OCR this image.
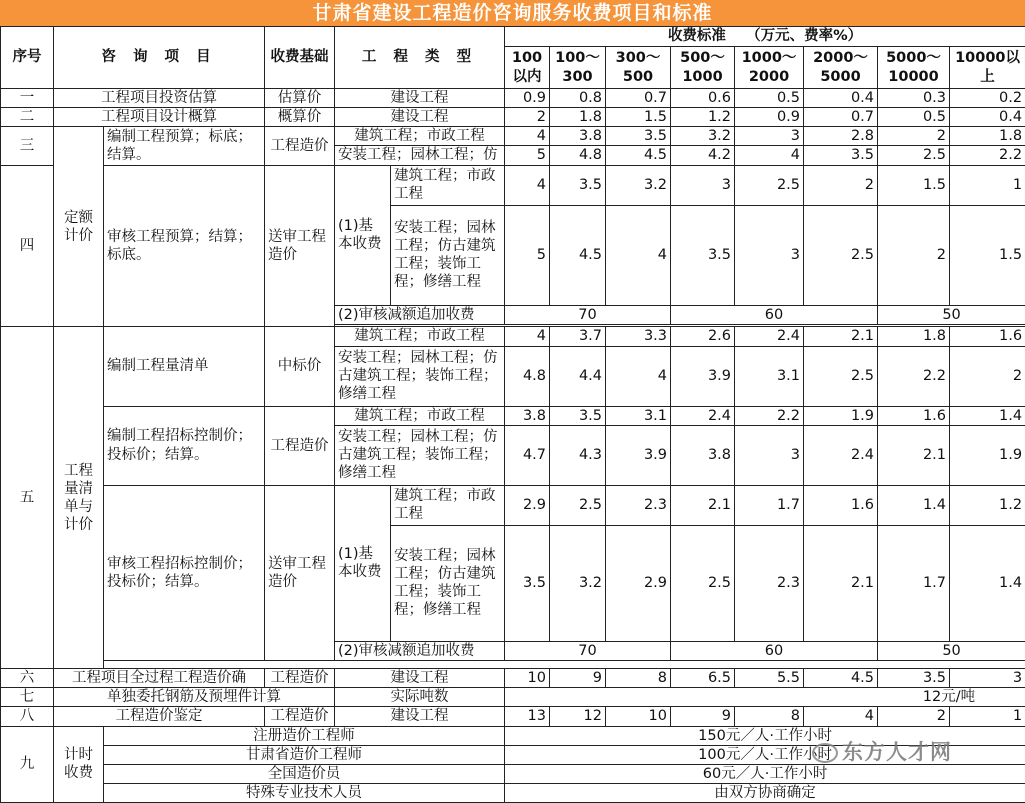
甘肃省建设工程造价咨询服务收费项目和标准
序号	咨 询 项 目		收费基础	工 程 类 型		收费标准    （万元、费率%）							
						100以内	100～300	300～500	500～1000	1000～2000	2000～5000	5000～10000	10000以上
一	工程项目投资估算		估算价	建设工程		0.9	0.8	0.7	0.6	0.5	0.4	0.3	0.2
二	工程项目设计概算		概算价	建设工程		2	1.8	1.5	1.2	0.9	0.7	0.5	0.4
三	定额计价	编制工程预算；标底；结算。	工程造价	建筑工程；市政工程		4	3.8	3.5	3.2	3	2.8	2	1.8
				安装工程；园林工程；仿		5	4.8	4.5	4.2	4	3.5	2.5	2.2
四		审核工程预算；结算；标底。	送审工程造价	(1)基本收费	建筑工程；市政工程	4	3.5	3.2	3	2.5	2	1.5	1
					安装工程；园林工程；仿古建筑工程；装饰工程；修缮工程	5	4.5	4	3.5	3	2.5	2	1.5
				(2)审核减额追加收费		70			60			50	

五	工程量清单与计价	编制工程量清单	中标价	建筑工程；市政工程		4	3.7	3.3	2.6	2.4	2.1	1.8	1.6
				安装工程；园林工程；仿古建筑工程；装饰工程；修缮工程		4.8	4.4	4	3.9	3.1	2.5	2.2	2
		编制工程招标控制价；投标价；结算。	工程造价	建筑工程；市政工程		3.8	3.5	3.1	2.4	2.2	1.9	1.6	1.4
				安装工程；园林工程；仿古建筑工程；装饰工程；修缮工程		4.7	4.3	3.9	3.8	3	2.4	2.1	1.9
		审核工程招标控制价；投标价；结算。	送审工程造价	(1)基本收费	建筑工程；市政工程	2.9	2.5	2.3	2.1	1.7	1.6	1.4	1.2
					安装工程；园林工程；仿古建筑工程；装饰工程；修缮工程	3.5	3.2	2.9	2.5	2.3	2.1	1.7	1.4
				(2)审核减额追加收费		70			60			50	

六	工程项目全过程工程造价确		工程造价	建设工程		10	9	8	6.5	5.5	4.5	3.5	3
七	单独委托钢筋及预埋件计算			实际吨数		12元/吨							
八	工程造价鉴定		工程造价	建设工程		13	12	10	9	8	4	2	1
九	计时收费	注册造价工程师				150元／人·工作小时							
		甘肃省造价工程师				100元／人·工作小时							
		全国造价员				60元／人·工作小时							
		特殊专业技术人员				由双方协商确定							
东方人才网
